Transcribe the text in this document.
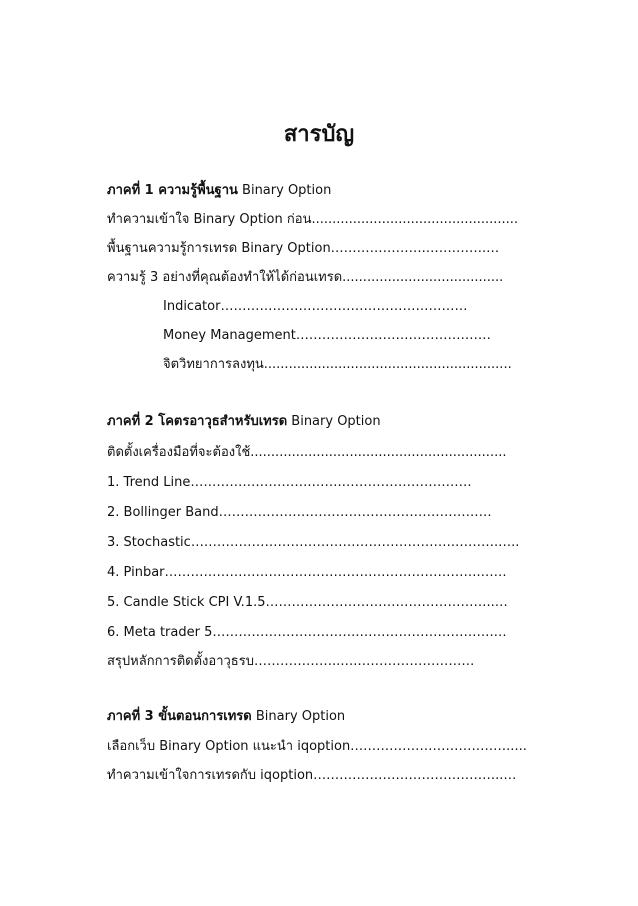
สารบัญ

ภาคที่ 1 ความรู้พื้นฐาน Binary Option

ทำความเข้าใจ Binary Option ก่อน..................................................

พื้นฐานความรู้การเทรด Binary Option………………….…….…….…

ความรู้ 3 อย่างที่คุณต้องทำให้ได้ก่อนเทรด.......................................

Indicator…………………………………………………

Money Management………………………………………

จิตวิทยาการลงทุน............................................................

ภาคที่ 2 โคตรอาวุธสำหรับเทรด Binary Option

ติดตั้งเครื่องมือที่จะต้องใช้..............................................................

1. Trend Line……………………….…….…………………………

2. Bollinger Band………………………………………………………

3. Stochastic…………………………………………………….……….…..

4. Pinbar……………………………………………………………….……

5. Candle Stick CPI V.1.5……………………………………………..…

6. Meta trader 5…………………………….………………………….…

สรุปหลักการติดตั้งอาวุธรบ………………..….………………………

ภาคที่ 3 ขั้นตอนการเทรด Binary Option

เลือกเว็บ Binary Option แนะนำ iqoption……………………………….....

ทำความเข้าใจการเทรดกับ iqoption……………………………………..…
